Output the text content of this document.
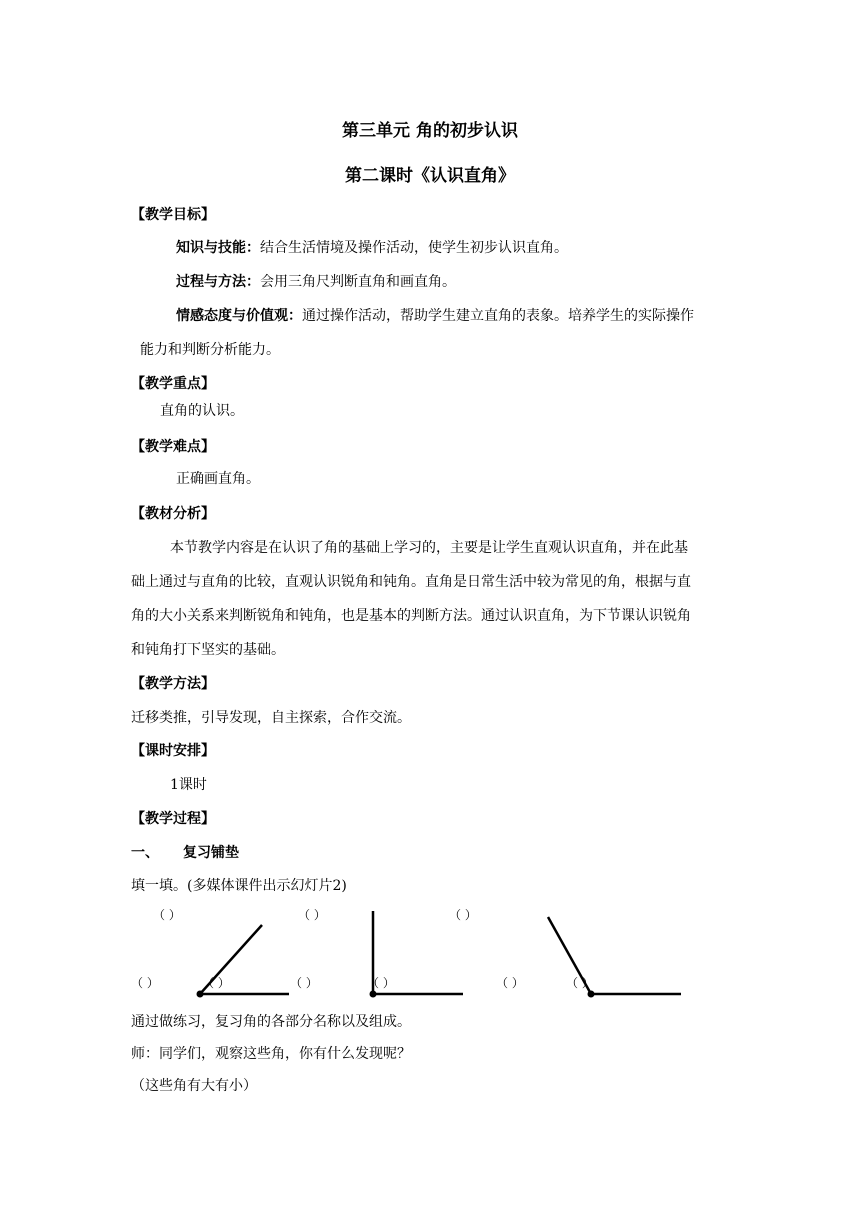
第三单元 角的初步认识
第二课时《认识直角》
【教学目标】
知识与技能：结合生活情境及操作活动，使学生初步认识直角。
过程与方法：会用三角尺判断直角和画直角。
情感态度与价值观：通过操作活动，帮助学生建立直角的表象。培养学生的实际操作
能力和判断分析能力。
【教学重点】
直角的认识。
【教学难点】
正确画直角。
【教材分析】
本节教学内容是在认识了角的基础上学习的，主要是让学生直观认识直角，并在此基
础上通过与直角的比较，直观认识锐角和钝角。直角是日常生活中较为常见的角，根据与直
角的大小关系来判断锐角和钝角，也是基本的判断方法。通过认识直角，为下节课认识锐角
和钝角打下坚实的基础。
【教学方法】
迁移类推，引导发现，自主探索，合作交流。
【课时安排】
1课时
【教学过程】
一、 复习铺垫
填一填。(多媒体课件出示幻灯片2)
（ ）	（ ）	（ ）
（ ）	（ ）	（ ）	（ ）	（ ）	（ ）
通过做练习，复习角的各部分名称以及组成。
师：同学们，观察这些角，你有什么发现呢？
（这些角有大有小）
